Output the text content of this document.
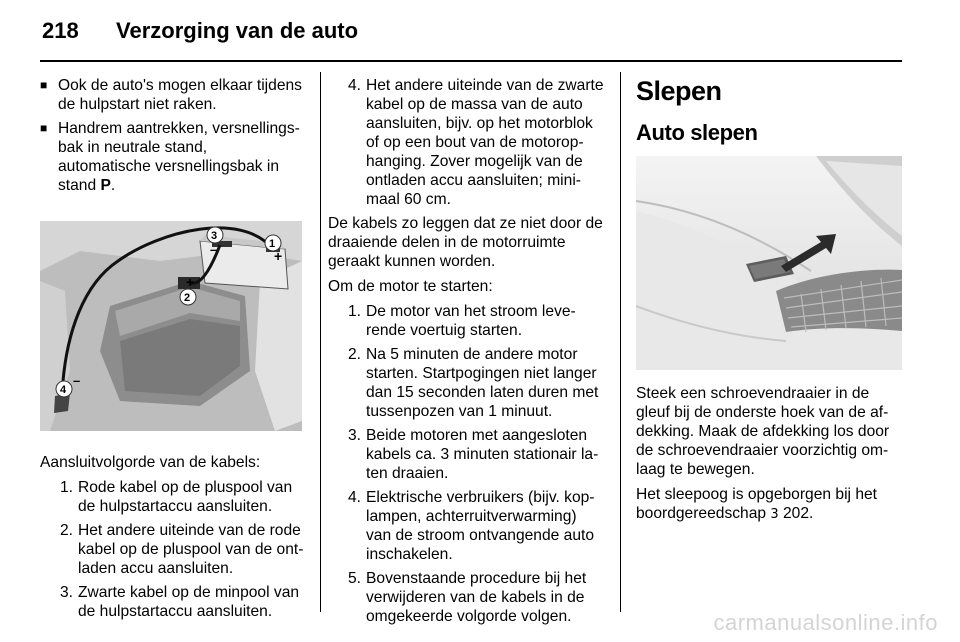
218 Verzorging van de auto
■ Ook de auto's mogen elkaar tijdens de hulpstart niet raken.
■ Handrem aantrekken, versnellingsbak in neutrale stand, automatische versnellingsbak in stand P.
3
–	1
+
2
+
4
–

Aansluitvolgorde van de kabels:

1. Rode kabel op de pluspool van de hulpstartaccu aansluiten.
2. Het andere uiteinde van de rode kabel op de pluspool van de ontladen accu aansluiten.
3. Zwarte kabel op de minpool van de hulpstartaccu aansluiten.
4. Het andere uiteinde van de zwarte kabel op de massa van de auto aansluiten, bijv. op het motorblok of op een bout van de motorophanging. Zover mogelijk van de ontladen accu aansluiten; minimaal 60 cm.

De kabels zo leggen dat ze niet door de draaiende delen in de motorruimte geraakt kunnen worden.

Om de motor te starten:

1. De motor van het stroom leverende voertuig starten.
2. Na 5 minuten de andere motor starten. Startpogingen niet langer dan 15 seconden laten duren met tussenpozen van 1 minuut.
3. Beide motoren met aangesloten kabels ca. 3 minuten stationair laten draaien.
4. Elektrische verbruikers (bijv. koplampen, achterruitverwarming) van de stroom ontvangende auto inschakelen.
5. Bovenstaande procedure bij het verwijderen van de kabels in de omgekeerde volgorde volgen.
Slepen
Auto slepen

Steek een schroevendraaier in de gleuf bij de onderste hoek van de afdekking. Maak de afdekking los door de schroevendraaier voorzichtig omlaag te bewegen.

Het sleepoog is opgeborgen bij het boordgereedschap 3 202.

carmanualsonline.info
